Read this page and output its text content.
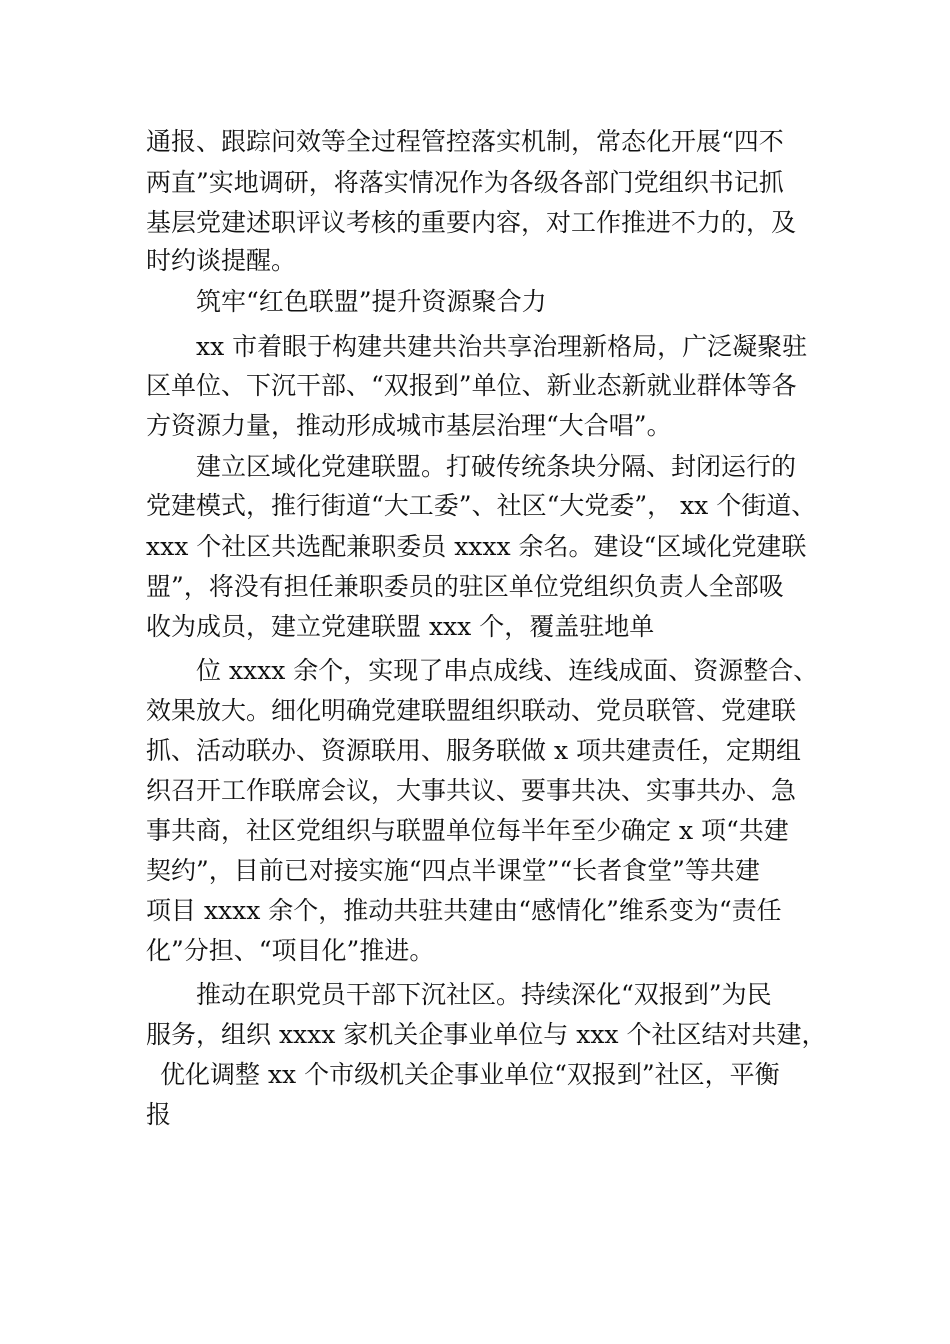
通报、跟踪问效等全过程管控落实机制，常态化开展“四不
两直”实地调研，将落实情况作为各级各部门党组织书记抓
基层党建述职评议考核的重要内容，对工作推进不力的，及
时约谈提醒。
筑牢“红色联盟”提升资源聚合力
xx 市着眼于构建共建共治共享治理新格局，广泛凝聚驻
区单位、下沉干部、“双报到”单位、新业态新就业群体等各
方资源力量，推动形成城市基层治理“大合唱”。
建立区域化党建联盟。打破传统条块分隔、封闭运行的
党建模式，推行街道“大工委”、社区“大党委”， xx 个街道、
xxx 个社区共选配兼职委员 xxxx 余名。建设“区域化党建联
盟”，将没有担任兼职委员的驻区单位党组织负责人全部吸
收为成员，建立党建联盟 xxx 个，覆盖驻地单
位 xxxx 余个，实现了串点成线、连线成面、资源整合、
效果放大。细化明确党建联盟组织联动、党员联管、党建联
抓、活动联办、资源联用、服务联做 x 项共建责任，定期组
织召开工作联席会议，大事共议、要事共决、实事共办、急
事共商，社区党组织与联盟单位每半年至少确定 x 项“共建
契约”，目前已对接实施“四点半课堂”“长者食堂”等共建
项目 xxxx 余个，推动共驻共建由“感情化”维系变为“责任
化”分担、“项目化”推进。
推动在职党员干部下沉社区。持续深化“双报到”为民
服务，组织 xxxx 家机关企事业单位与 xxx 个社区结对共建，
优化调整 xx 个市级机关企事业单位“双报到”社区，平衡
报
